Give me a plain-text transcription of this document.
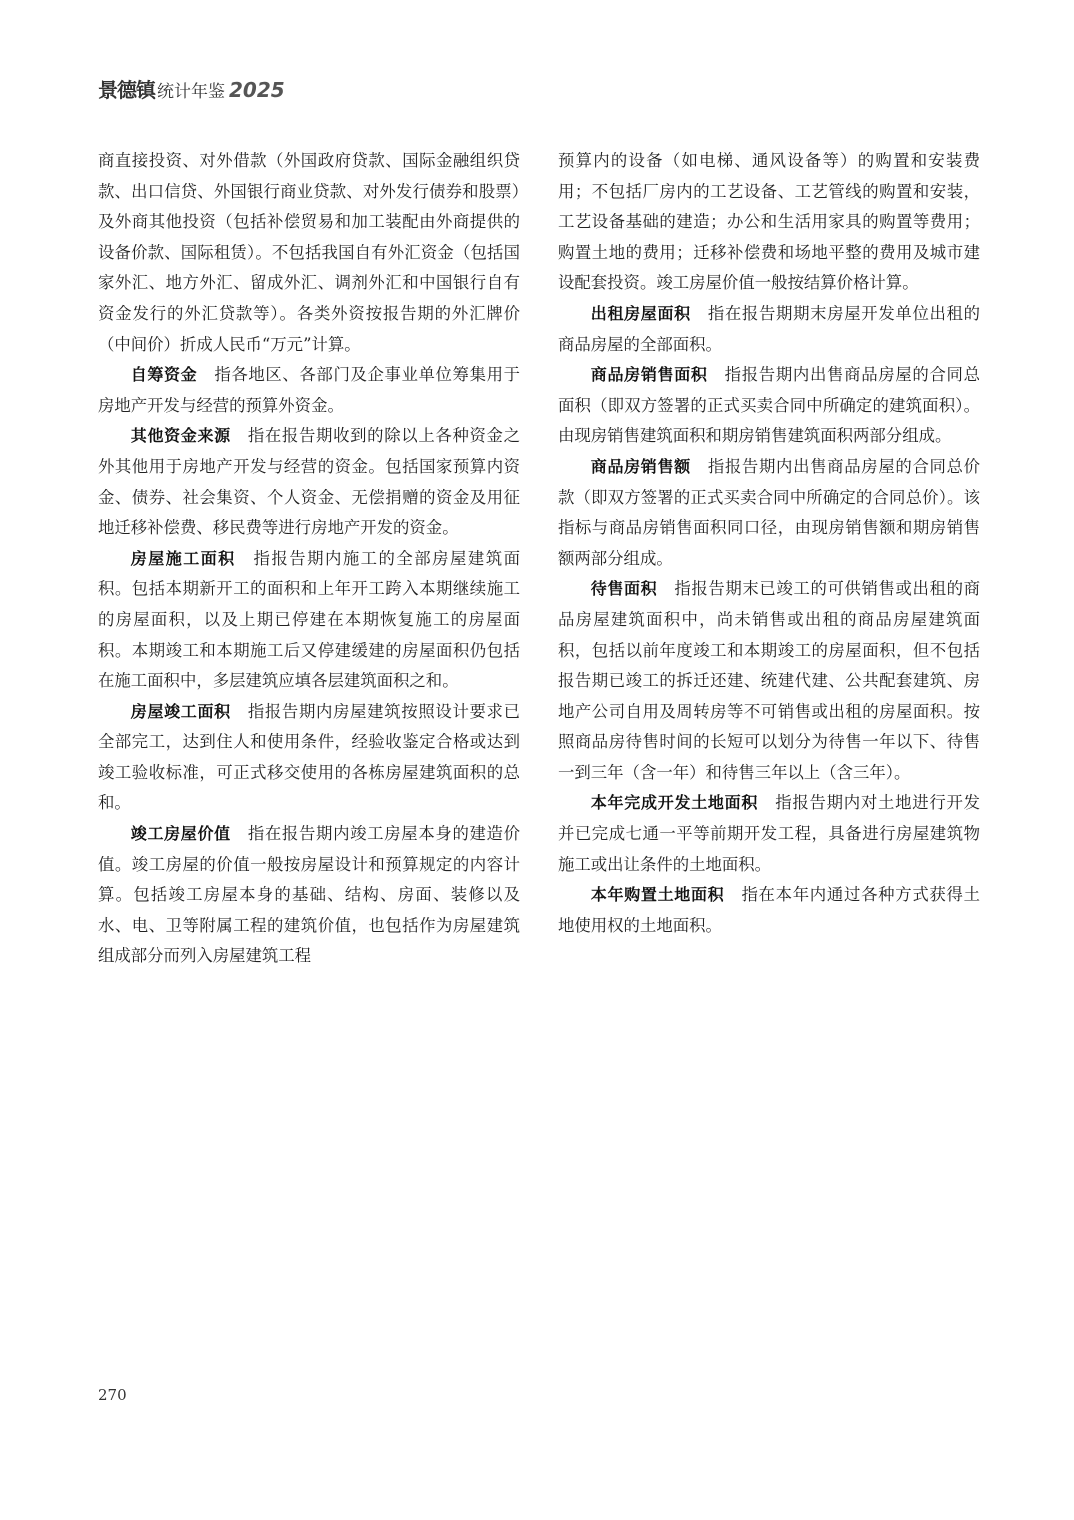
景德镇 统计年鉴 2025

商直接投资、对外借款（外国政府贷款、国际金融组织贷款、出口信贷、外国银行商业贷款、对外发行债券和股票）及外商其他投资（包括补偿贸易和加工装配由外商提供的设备价款、国际租赁）。不包括我国自有外汇资金（包括国家外汇、地方外汇、留成外汇、调剂外汇和中国银行自有资金发行的外汇贷款等）。各类外资按报告期的外汇牌价（中间价）折成人民币“万元”计算。

自筹资金 指各地区、各部门及企事业单位筹集用于房地产开发与经营的预算外资金。

其他资金来源 指在报告期收到的除以上各种资金之外其他用于房地产开发与经营的资金。包括国家预算内资金、债券、社会集资、个人资金、无偿捐赠的资金及用征地迁移补偿费、移民费等进行房地产开发的资金。

房屋施工面积 指报告期内施工的全部房屋建筑面积。包括本期新开工的面积和上年开工跨入本期继续施工的房屋面积，以及上期已停建在本期恢复施工的房屋面积。本期竣工和本期施工后又停建缓建的房屋面积仍包括在施工面积中，多层建筑应填各层建筑面积之和。

房屋竣工面积 指报告期内房屋建筑按照设计要求已全部完工，达到住人和使用条件，经验收鉴定合格或达到竣工验收标准，可正式移交使用的各栋房屋建筑面积的总和。

竣工房屋价值 指在报告期内竣工房屋本身的建造价值。竣工房屋的价值一般按房屋设计和预算规定的内容计算。包括竣工房屋本身的基础、结构、房面、装修以及水、电、卫等附属工程的建筑价值，也包括作为房屋建筑组成部分而列入房屋建筑工程

预算内的设备（如电梯、通风设备等）的购置和安装费用；不包括厂房内的工艺设备、工艺管线的购置和安装，工艺设备基础的建造；办公和生活用家具的购置等费用；购置土地的费用；迁移补偿费和场地平整的费用及城市建设配套投资。竣工房屋价值一般按结算价格计算。

出租房屋面积 指在报告期期末房屋开发单位出租的商品房屋的全部面积。

商品房销售面积 指报告期内出售商品房屋的合同总面积（即双方签署的正式买卖合同中所确定的建筑面积）。由现房销售建筑面积和期房销售建筑面积两部分组成。

商品房销售额 指报告期内出售商品房屋的合同总价款（即双方签署的正式买卖合同中所确定的合同总价）。该指标与商品房销售面积同口径，由现房销售额和期房销售额两部分组成。

待售面积 指报告期末已竣工的可供销售或出租的商品房屋建筑面积中，尚未销售或出租的商品房屋建筑面积，包括以前年度竣工和本期竣工的房屋面积，但不包括报告期已竣工的拆迁还建、统建代建、公共配套建筑、房地产公司自用及周转房等不可销售或出租的房屋面积。按照商品房待售时间的长短可以划分为待售一年以下、待售一到三年（含一年）和待售三年以上（含三年）。

本年完成开发土地面积 指报告期内对土地进行开发并已完成七通一平等前期开发工程，具备进行房屋建筑物施工或出让条件的土地面积。

本年购置土地面积 指在本年内通过各种方式获得土地使用权的土地面积。

270
